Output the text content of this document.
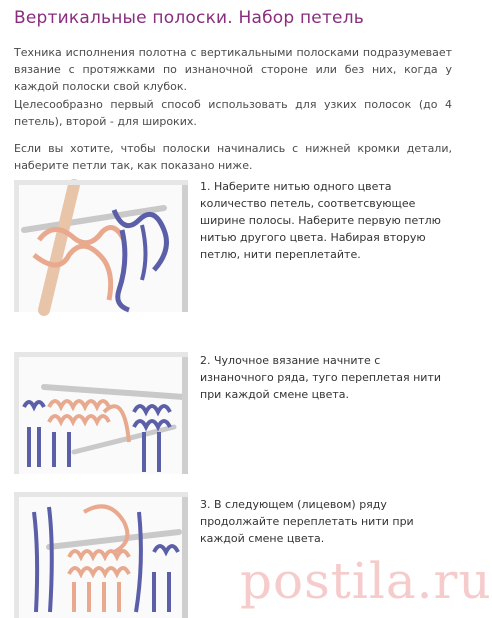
Вертикальные полоски. Набор петель
Техника исполнения полотна с вертикальными полосками подразумевает вязание с протяжками по изнаночной стороне или без них, когда у каждой полоски свой клубок.
Целесообразно первый способ использовать для узких полосок (до 4 петель), второй - для широких.
Если вы хотите, чтобы полоски начинались с нижней кромки детали, наберите петли так, как показано ниже.
1. Наберите нитью одного цвета количество петель, соответсвующее ширине полосы. Наберите первую петлю нитью другого цвета. Набирая вторую петлю, нити переплетайте.
2. Чулочное вязание начните с изнаночного ряда, туго переплетая нити при каждой смене цвета.
3. В следующем (лицевом) ряду продолжайте переплетать нити при каждой смене цвета.
postila.ru
